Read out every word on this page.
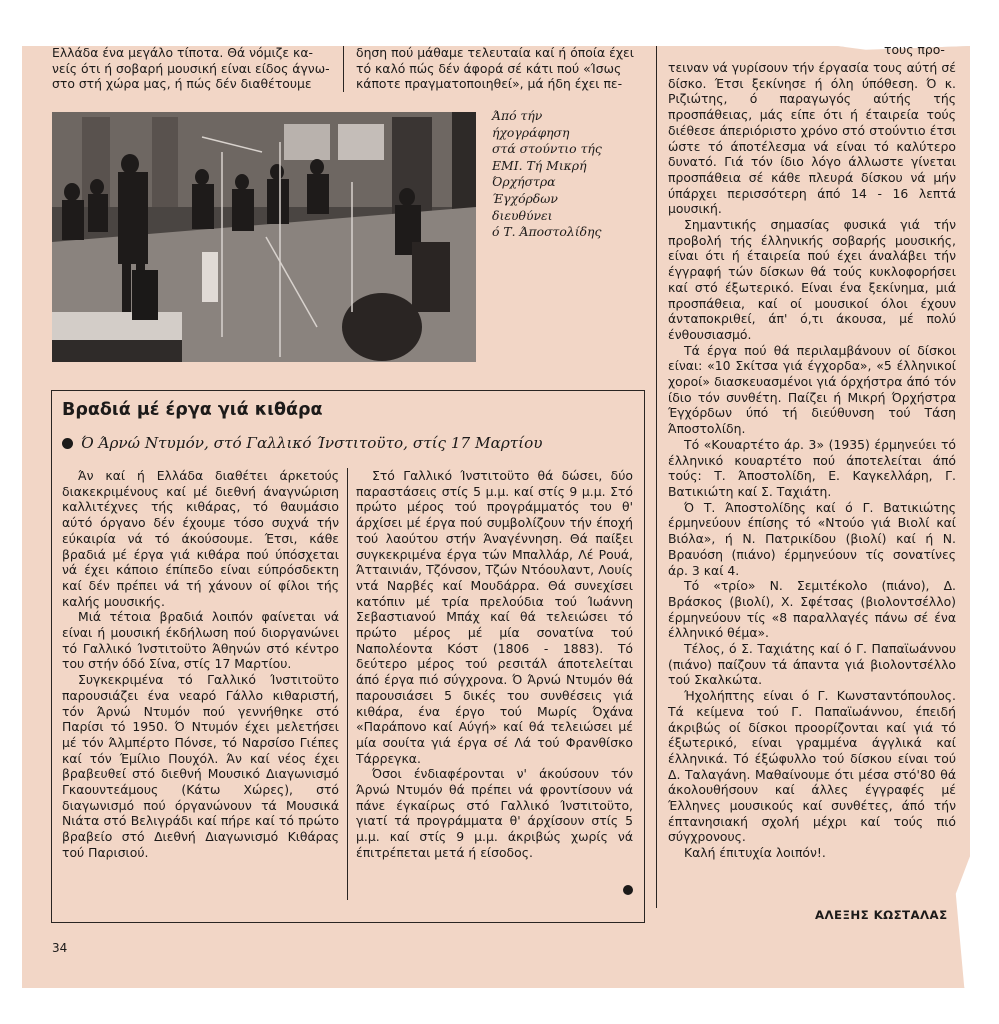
Ελλάδα ένα μεγάλο τίποτα. Θά νόμιζε κα-
νείς ότι ή σοβαρή μουσική είναι είδος άγνω-
στο στή χώρα μας, ή πώς δέν διαθέτουμε
δηση πού μάθαμε τελευταία καί ή όποία έχει
τό καλό πώς δέν άφορά σέ κάτι πού «Ίσως
κάποτε πραγματοποιηθεί», μά ήδη έχει πε-
Άπό τήν
ήχογράφηση
στά στούντιο τής
ΕΜΙ. Τή Μικρή
Όρχήστρα
Έγχόρδων
διευθύνει
ό Τ. Άποστολίδης
Βραδιά μέ έργα γιά κιθάρα
Ό Άρνώ Ντυμόν, στό Γαλλικό Ίνστιτοϋτο, στίς 17 Μαρτίου

Άν καί ή Ελλάδα διαθέτει άρκετούς διακεκριμένους καί μέ διεθνή άναγνώριση καλλιτέχνες τής κιθάρας, τό θαυμάσιο αύτό όργανο δέν έχουμε τόσο συχνά τήν εύκαιρία νά τό άκούσουμε. Έτσι, κάθε βραδιά μέ έργα γιά κιθάρα πού ύπόσχεται νά έχει κάποιο έπίπεδο είναι εύπρόσδεκτη καί δέν πρέπει νά τή χάνουν οί φίλοι τής καλής μουσικής.

Μιά τέτοια βραδιά λοιπόν φαίνεται νά είναι ή μουσική έκδήλωση πού διοργανώνει τό Γαλλικό Ίνστιτοϋτο Άθηνών στό κέντρο του στήν όδό Σίνα, στίς 17 Μαρτίου.

Συγκεκριμένα τό Γαλλικό Ίνστιτοϋτο παρουσιάζει ένα νεαρό Γάλλο κιθαριστή, τόν Άρνώ Ντυμόν πού γεννήθηκε στό Παρίσι τό 1950. Ό Ντυμόν έχει μελετήσει μέ τόν Άλμπέρτο Πόνσε, τό Ναρσίσο Γιέπες καί τόν Έμίλιο Πουχόλ. Άν καί νέος έχει βραβευθεί στό διεθνή Μουσικό Διαγωνισμό Γκαουντεάμους (Κάτω Χώρες), στό διαγωνισμό πού όργανώνουν τά Μουσικά Νιάτα στό Βελιγράδι καί πήρε καί τό πρώτο βραβείο στό Διεθνή Διαγωνισμό Κιθάρας τού Παρισιού.

Στό Γαλλικό Ίνστιτοϋτο θά δώσει, δύο παραστάσεις στίς 5 μ.μ. καί στίς 9 μ.μ. Στό πρώτο μέρος τού προγράμματός του θ' άρχίσει μέ έργα πού συμβολίζουν τήν έποχή τού λαούτου στήν Άναγέννηση. Θά παίξει συγκεκριμένα έργα τών Μπαλλάρ, Λέ Ρουά, Άτταινιάν, Τζόνσον, Τζών Ντόουλαντ, Λουίς ντά Ναρβές καί Μουδάρρα. Θά συνεχίσει κατόπιν μέ τρία πρελούδια τού Ίωάννη Σεβαστιανού Μπάχ καί θά τελειώσει τό πρώτο μέρος μέ μία σονατίνα τού Ναπολέοντα Κόστ (1806 - 1883). Τό δεύτερο μέρος τού ρεσιτάλ άποτελείται άπό έργα πιό σύγχρονα. Ό Άρνώ Ντυμόν θά παρουσιάσει 5 δικές του συνθέσεις γιά κιθάρα, ένα έργο τού Μωρίς Όχάνα «Παράπονο καί Αύγή» καί θά τελειώσει μέ μία σουίτα γιά έργα σέ Λά τού Φρανθίσκο Τάρρεγκα.

Όσοι ένδιαφέρονται ν' άκούσουν τόν Άρνώ Ντυμόν θά πρέπει νά φροντίσουν νά πάνε έγκαίρως στό Γαλλικό Ίνστιτοϋτο, γιατί τά προγράμματα θ' άρχίσουν στίς 5 μ.μ. καί στίς 9 μ.μ. άκριβώς χωρίς νά έπιτρέπεται μετά ή είσοδος.

τους προ-

τειναν νά γυρίσουν τήν έργασία τους αύτή σέ δίσκο. Έτσι ξεκίνησε ή όλη ύπόθεση. Ό κ. Ριζιώτης, ό παραγωγός αύτής τής προσπάθειας, μάς είπε ότι ή έταιρεία τούς διέθεσε άπεριόριστο χρόνο στό στούντιο έτσι ώστε τό άποτέλεσμα νά είναι τό καλύτερο δυνατό. Γιά τόν ίδιο λόγο άλλωστε γίνεται προσπάθεια σέ κάθε πλευρά δίσκου νά μήν ύπάρχει περισσότερη άπό 14 - 16 λεπτά μουσική.

Σημαντικής σημασίας φυσικά γιά τήν προβολή τής έλληνικής σοβαρής μουσικής, είναι ότι ή έταιρεία πού έχει άναλάβει τήν έγγραφή τών δίσκων θά τούς κυκλοφορήσει καί στό έξωτερικό. Είναι ένα ξεκίνημα, μιά προσπάθεια, καί οί μουσικοί όλοι έχουν άνταποκριθεί, άπ' ό,τι άκουσα, μέ πολύ ένθουσιασμό.

Τά έργα πού θά περιλαμβάνουν οί δίσκοι είναι: «10 Σκίτσα γιά έγχορδα», «5 έλληνικοί χοροί» διασκευασμένοι γιά όρχήστρα άπό τόν ίδιο τόν συνθέτη. Παίζει ή Μικρή Όρχήστρα Έγχόρδων ύπό τή διεύθυνση τού Τάση Άποστολίδη.

Τό «Κουαρτέτο άρ. 3» (1935) έρμηνεύει τό έλληνικό κουαρτέτο πού άποτελείται άπό τούς: Τ. Άποστολίδη, Ε. Καγκελλάρη, Γ. Βατικιώτη καί Σ. Ταχιάτη.

Ό Τ. Άποστολίδης καί ό Γ. Βατικιώτης έρμηνεύουν έπίσης τό «Ντούο γιά Βιολί καί Βιόλα», ή Ν. Πατρικίδου (βιολί) καί ή Ν. Βραυόση (πιάνο) έρμηνεύουν τίς σονατίνες άρ. 3 καί 4.

Τό «τρίο» Ν. Σεμιτέκολο (πιάνο), Δ. Βράσκος (βιολί), Χ. Σφέτσας (βιολοντσέλλο) έρμηνεύουν τίς «8 παραλλαγές πάνω σέ ένα έλληνικό θέμα».

Τέλος, ό Σ. Ταχιάτης καί ό Γ. Παπαϊωάννου (πιάνο) παίζουν τά άπαντα γιά βιολοντσέλλο τού Σκαλκώτα.

Ήχολήπτης είναι ό Γ. Κωνσταντόπουλος. Τά κείμενα τού Γ. Παπαϊωάννου, έπειδή άκριβώς οί δίσκοι προορίζονται καί γιά τό έξωτερικό, είναι γραμμένα άγγλικά καί έλληνικά. Τό έξώφυλλο τού δίσκου είναι τού Δ. Ταλαγάνη. Μαθαίνουμε ότι μέσα στό'80 θά άκολουθήσουν καί άλλες έγγραφές μέ Έλληνες μουσικούς καί συνθέτες, άπό τήν έπτανησιακή σχολή μέχρι καί τούς πιό σύγχρονους.

Καλή έπιτυχία λοιπόν!.

ΑΛΕΞΗΣ ΚΩΣΤΑΛΑΣ
34
